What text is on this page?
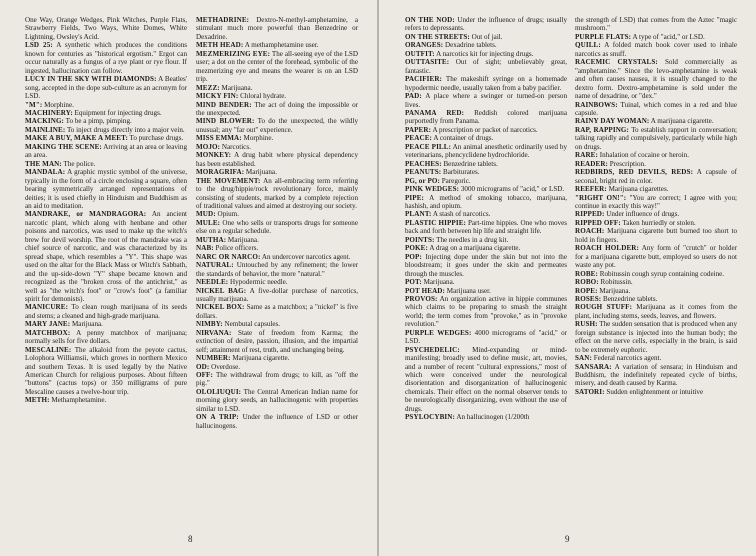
One Way, Orange Wedges, Pink Witches, Purple Flats, Strawberry Fields, Two Ways, White Domes, White Lightning, Owsley's Acid.

LSD 25: A synthetic which produces the conditions known for centuries as "historical ergotism." Ergot can occur naturally as a fungus of a rye plant or rye flour. If ingested, hallucination can follow.

LUCY IN THE SKY WITH DIAMONDS: A Beatles' song, accepted in the dope sub-culture as an acronym for LSD.

"M": Morphine.

MACHINERY: Equipment for injecting drugs.

MACKING: To be a pimp, pimping.

MAINLINE: To inject drugs directly into a major vein.

MAKE A BUY, MAKE A MEET: To purchase drugs.

MAKING THE SCENE: Arriving at an area or leaving an area.

THE MAN: The police.

MANDALA: A graphic mystic symbol of the universe, typically in the form of a circle enclosing a square, often bearing symmetrically arranged representations of deities; it is used chiefly in Hinduism and Buddhism as an aid to meditation.

MANDRAKE, or MANDRAGORA: An ancient narcotic plant, which along with henbane and other poisons and narcotics, was used to make up the witch's brew for devil worship. The root of the mandrake was a chief source of narcotic, and was characterized by its spread shape, which resembles a "Y". This shape was used on the altar for the Black Mass or Witch's Sabbath, and the up-side-down "Y" shape became known and recognized as the "broken cross of the antichrist," as well as "the witch's foot" or "crow's foot" (a familiar spirit for demonists).

MANICURE: To clean rough marijuana of its seeds and stems; a cleaned and high-grade marijuana.

MARY JANE: Marijuana.

MATCHBOX: A penny matchbox of marijuana; normally sells for five dollars.

MESCALINE: The alkaloid from the peyote cactus, Lolophora Williamsii, which grows in northern Mexico and southern Texas. It is used legally by the Native American Church for religious purposes. About fifteen "buttons" (cactus tops) or 350 milligrams of pure Mescaline causes a twelve-hour trip.

METH: Methamphetamine.

METHADRINE: Dextro-N-methyl-amphetamine, a stimulant much more powerful than Benzedrine or Dexadrine.

METH HEAD: A methamphetamine user.

MEZMERIZING EYE: The all-seeing eye of the LSD user; a dot on the center of the forehead, symbolic of the mezmerizing eye and means the wearer is on an LSD trip.

MEZZ: Marijuana.

MICKY FIN: Chloral hydrate.

MIND BENDER: The act of doing the impossible or the unexpected.

MIND BLOWER: To do the unexpected, the wildly unusual; any "far out" experience.

MISS EMMA: Morphine.

MOJO: Narcotics.

MONKEY: A drug habit where physical dependency has been established.

MORAGRIFA: Marijuana.

THE MOVEMENT: An all-embracing term referring to the drug/hippie/rock revolutionary force, mainly consisting of students, marked by a complete rejection of traditional values and aimed at destroying our society.

MUD: Opium.

MULE: One who sells or transports drugs for someone else on a regular schedule.

MUTHA: Marijuana.

NAB: Police officers.

NARC OR NARCO: An undercover narcotics agent.

NATURAL: Untouched by any refinement; the lower the standards of behavior, the more "natural."

NEEDLE: Hypodermic needle.

NICKEL BAG: A five-dollar purchase of narcotics, usually marijuana.

NICKEL BOX: Same as a matchbox; a "nickel" is five dollars.

NIMBY: Nembutal capsules.

NIRVANA: State of freedom from Karma; the extinction of desire, passion, illusion, and the impartial self; attainment of rest, truth, and unchanging being.

NUMBER: Marijuana cigarette.

OD: Overdose.

OFF: The withdrawal from drugs; to kill, as "off the pig."

OLOLIUQUI: The Central American Indian name for morning glory seeds, an hallucinogenic with properties similar to LSD.

ON A TRIP: Under the influence of LSD or other hallucinogens.

8

ON THE NOD: Under the influence of drugs; usually refers to depressants.

ON THE STREETS: Out of jail.

ORANGES: Dexadrine tablets.

OUTFIT: A narcotics kit for injecting drugs.

OUTTASITE: Out of sight; unbelievably great, fantastic.

PACIFIER: The makeshift syringe on a homemade hypodermic needle, usually taken from a baby pacifier.

PAD: A place where a swinger or turned-on person lives.

PANAMA RED: Reddish colored marijuana purportedly from Panama.

PAPER: A prescription or packet of narcotics.

PEACE: A container of drugs.

PEACE PILL: An animal anesthetic ordinarily used by veterinarians, phencyclidene hydrochloride.

PEACHES: Benzedrine tablets.

PEANUTS: Barbiturates.

PG, or PO: Paregoric.

PINK WEDGES: 3000 micrograms of "acid," or LSD.

PIPE: A method of smoking tobacco, marijuana, hashish, and opium.

PLANT: A stash of narcotics.

PLASTIC HIPPIE: Part-time hippies. One who moves back and forth between hip life and straight life.

POINTS: The needles in a drug kit.

POKE: A drag on a marijuana cigarette.

POP: Injecting dope under the skin but not into the bloodstream; it goes under the skin and permeates through the muscles.

POT: Marijuana.

POT HEAD: Marijuana user.

PROVOS: An organization active in hippie communes which claims to be preparing to smash the straight world; the term comes from "provoke," as in "provoke revolution."

PURPLE WEDGES: 4000 micrograms of "acid," or LSD.

PSYCHEDELIC: Mind-expanding or mind-manifesting; broadly used to define music, art, movies, and a number of recent "cultural expressions," most of which were conceived under the neurological disorientation and disorganization of hallucinogenic chemicals. Their effect on the normal observer tends to be neurologically disorganizing, even without the use of drugs.

PSYLOCYBIN: An hallucinogen (1/200th

the strength of LSD) that comes from the Aztec "magic mushroom."

PURPLE FLATS: A type of "acid," or LSD.

QUILL: A folded match book cover used to inhale narcotics as snuff.

RACEMIC CRYSTALS: Sold commercially as "amphetamine." Since the levo-amphetamine is weak and often causes nausea, it is usually changed to the dextro form. Dextro-amphetamine is sold under the name of dexadrine, or "dex."

RAINBOWS: Tuinal, which comes in a red and blue capsule.

RAINY DAY WOMAN: A marijuana cigarette.

RAP, RAPPING: To establish rapport in conversation; talking rapidly and compulsively, particularly while high on drugs.

RARE: Inhalation of cocaine or heroin.

READER: Prescription.

REDBIRDS, RED DEVILS, REDS: A capsule of seconal, bright red in color.

REEFER: Marijuana cigarettes.

"RIGHT ON!": "You are correct; I agree with you; continue in exactly this way!"

RIPPED: Under influence of drugs.

RIPPED OFF: Taken hurriedly or stolen.

ROACH: Marijuana cigarette butt burned too short to hold in fingers.

ROACH HOLDER: Any form of "crutch" or holder for a marijuana cigarette butt, employed so users do not waste any pot.

ROBE: Robitussin cough syrup containing codeine.

ROBO: Robitussin.

ROPE: Marijuana.

ROSES: Benzedrine tablets.

ROUGH STUFF: Marijuana as it comes from the plant, including stems, seeds, leaves, and flowers.

RUSH: The sudden sensation that is produced when any foreign substance is injected into the human body; the effect on the nerve cells, especially in the brain, is said to be extremely euphoric.

SAN: Federal narcotics agent.

SANSARA: A variation of sensara; in Hinduism and Buddhism, the indefinitely repeated cycle of births, misery, and death caused by Karma.

SATORI: Sudden enlightenment or intuitive

9
